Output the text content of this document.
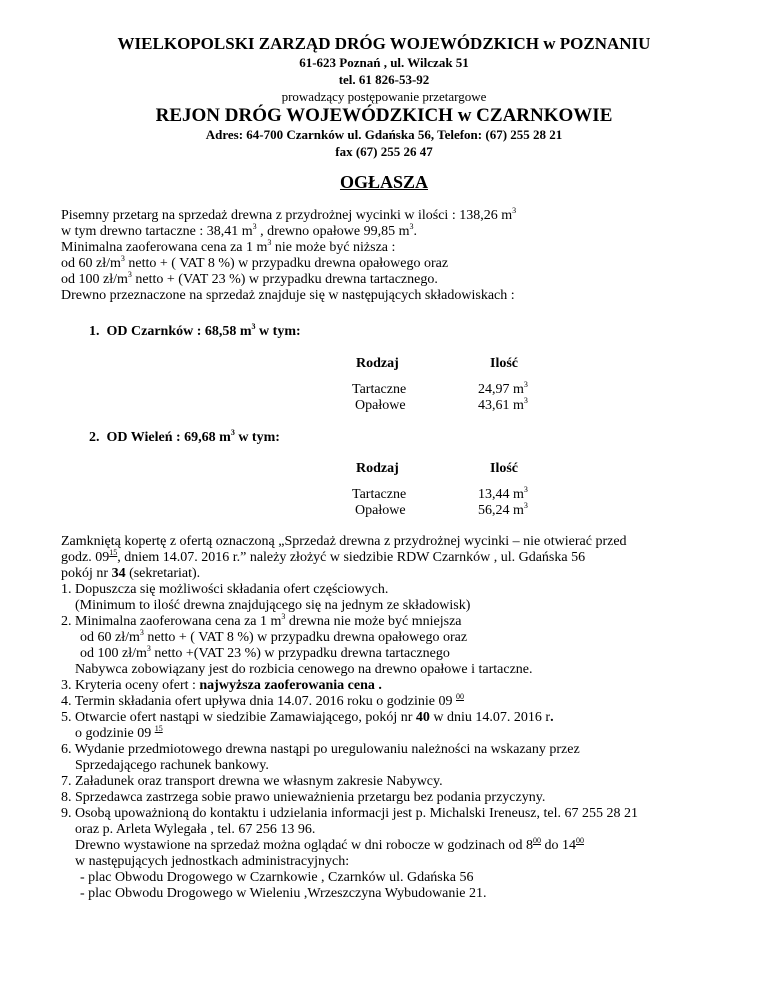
WIELKOPOLSKI ZARZĄD DRÓG WOJEWÓDZKICH w POZNANIU
61-623 Poznań , ul. Wilczak 51
tel. 61 826-53-92
prowadzący postępowanie przetargowe
REJON DRÓG WOJEWÓDZKICH w CZARNKOWIE
Adres: 64-700 Czarnków ul. Gdańska 56, Telefon: (67) 255 28 21
fax (67) 255 26 47
OGŁASZA
Pisemny przetarg na sprzedaż drewna z przydrożnej wycinki w ilości : 138,26 $m^3$
w tym drewno tartaczne : 38,41 $m^3$ , drewno opałowe 99,85 $m^3$.
Minimalna zaoferowana cena za 1 $m^3$ nie może być niższa :
od 60 $zł/m^3$ netto + ( VAT 8 %) w przypadku drewna opałowego oraz
od 100 $zł/m^3$ netto + (VAT 23 %) w przypadku drewna tartacznego.
Drewno przeznaczone na sprzedaż znajduje się w następujących składowiskach :
1. OD Czarnków : 68,58 $m^3$ w tym:
Rodzaj	Ilość
Tartaczne	24,97 $m^3$
Opałowe	43,61 $m^3$
2. OD Wieleń : 69,68 $m^3$ w tym:
Rodzaj	Ilość
Tartaczne	13,44 $m^3$
Opałowe	56,24 $m^3$
Zamkniętą kopertę z ofertą oznaczoną „Sprzedaż drewna z przydrożnej wycinki – nie otwierać przed
godz. $09^{15}$, dniem 14.07. 2016 r.” należy złożyć w siedzibie RDW Czarnków , ul. Gdańska 56
pokój nr 34 (sekretariat).
1. Dopuszcza się możliwości składania ofert częściowych.
(Minimum to ilość drewna znajdującego się na jednym ze składowisk)
2. Minimalna zaoferowana cena za 1 $m^3$ drewna nie może być mniejsza
od 60 $zł/m^3$ netto + ( VAT 8 %) w przypadku drewna opałowego oraz
od 100 $zł/m^3$ netto +(VAT 23 %) w przypadku drewna tartacznego
Nabywca zobowiązany jest do rozbicia cenowego na drewno opałowe i tartaczne.
3. Kryteria oceny ofert : najwyższa zaoferowania cena .
4. Termin składania ofert upływa dnia 14.07. 2016 roku o godzinie 09 $^{00}$
5. Otwarcie ofert nastąpi w siedzibie Zamawiającego, pokój nr 40 w dniu 14.07. 2016 r.
o godzinie 09 $^{15}$
6. Wydanie przedmiotowego drewna nastąpi po uregulowaniu należności na wskazany przez
Sprzedającego rachunek bankowy.
7. Załadunek oraz transport drewna we własnym zakresie Nabywcy.
8. Sprzedawca zastrzega sobie prawo unieważnienia przetargu bez podania przyczyny.
9. Osobą upoważnioną do kontaktu i udzielania informacji jest p. Michalski Ireneusz, tel. 67 255 28 21
oraz p. Arleta Wylegała , tel. 67 256 13 96.
Drewno wystawione na sprzedaż można oglądać w dni robocze w godzinach od $8^{00}$ do $14^{00}$
w następujących jednostkach administracyjnych:
- plac Obwodu Drogowego w Czarnkowie , Czarnków ul. Gdańska 56
- plac Obwodu Drogowego w Wieleniu ,Wrzeszczyna Wybudowanie 21.
